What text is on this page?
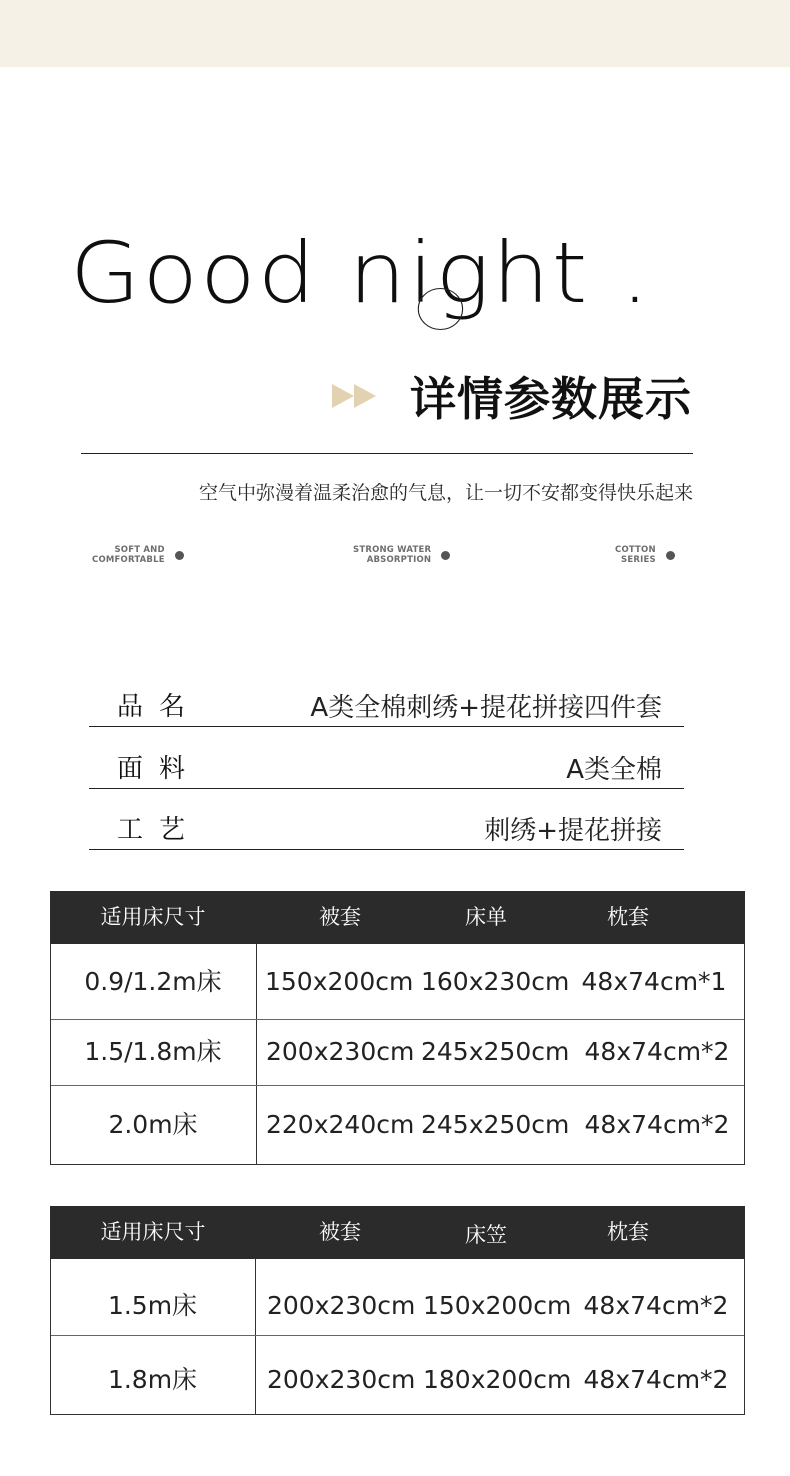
Good night .
详情参数展示
空气中弥漫着温柔治愈的气息，让一切不安都变得快乐起来
SOFT AND
COMFORTABLE
STRONG WATER
ABSORPTION
COTTON
SERIES
品名	A类全棉刺绣+提花拼接四件套
面料	A类全棉
工艺	刺绣+提花拼接
适用床尺寸	被套	床单	枕套
0.9/1.2m床	150x200cm 160x230cm 48x74cm*1
1.5/1.8m床	200x230cm 245x250cm 48x74cm*2
2.0m床	220x240cm 245x250cm 48x74cm*2
适用床尺寸	被套	床笠	枕套
1.5m床	200x230cm 150x200cm 48x74cm*2
1.8m床	200x230cm 180x200cm 48x74cm*2
